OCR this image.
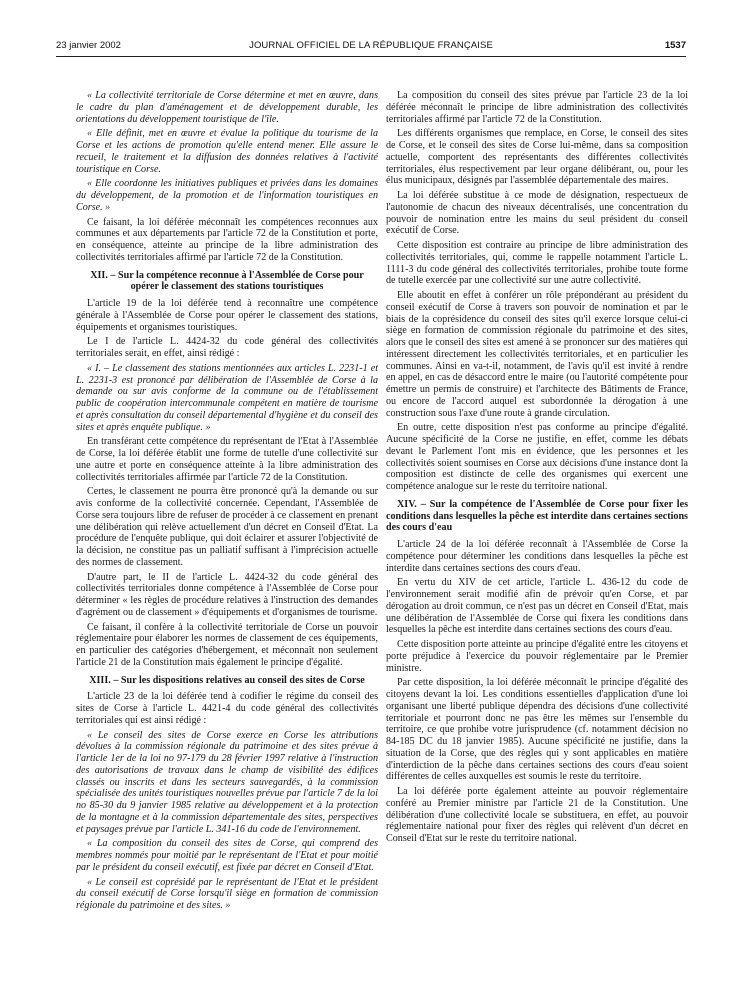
23 janvier 2002	JOURNAL OFFICIEL DE LA RÉPUBLIQUE FRANÇAISE	1537

« La collectivité territoriale de Corse détermine et met en œuvre, dans le cadre du plan d'aménagement et de développement durable, les orientations du développement touristique de l'île.

« Elle définit, met en œuvre et évalue la politique du tourisme de la Corse et les actions de promotion qu'elle entend mener. Elle assure le recueil, le traitement et la diffusion des données relatives à l'activité touristique en Corse.

« Elle coordonne les initiatives publiques et privées dans les domaines du développement, de la promotion et de l'information touristiques en Corse. »

Ce faisant, la loi déférée méconnaît les compétences reconnues aux communes et aux départements par l'article 72 de la Constitution et porte, en conséquence, atteinte au principe de la libre administration des collectivités territoriales affirmé par l'article 72 de la Constitution.

XII. – Sur la compétence reconnue à l'Assemblée de Corse pour opérer le classement des stations touristiques

L'article 19 de la loi déférée tend à reconnaître une compétence générale à l'Assemblée de Corse pour opérer le classement des stations, équipements et organismes touristiques.

Le I de l'article L. 4424-32 du code général des collectivités territoriales serait, en effet, ainsi rédigé :

« I. – Le classement des stations mentionnées aux articles L. 2231-1 et L. 2231-3 est prononcé par délibération de l'Assemblée de Corse à la demande ou sur avis conforme de la commune ou de l'établissement public de coopération intercommunale compétent en matière de tourisme et après consultation du conseil départemental d'hygiène et du conseil des sites et après enquête publique. »

En transférant cette compétence du représentant de l'Etat à l'Assemblée de Corse, la loi déférée établit une forme de tutelle d'une collectivité sur une autre et porte en conséquence atteinte à la libre administration des collectivités territoriales affirmée par l'article 72 de la Constitution.

Certes, le classement ne pourra être prononcé qu'à la demande ou sur avis conforme de la collectivité concernée. Cependant, l'Assemblée de Corse sera toujours libre de refuser de procéder à ce classement en prenant une délibération qui relève actuellement d'un décret en Conseil d'Etat. La procédure de l'enquête publique, qui doit éclairer et assurer l'objectivité de la décision, ne constitue pas un palliatif suffisant à l'imprécision actuelle des normes de classement.

D'autre part, le II de l'article L. 4424-32 du code général des collectivités territoriales donne compétence à l'Assemblée de Corse pour déterminer « les règles de procédure relatives à l'instruction des demandes d'agrément ou de classement » d'équipements et d'organismes de tourisme.

Ce faisant, il confère à la collectivité territoriale de Corse un pouvoir réglementaire pour élaborer les normes de classement de ces équipements, en particulier des catégories d'hébergement, et méconnaît non seulement l'article 21 de la Constitution mais également le principe d'égalité.

XIII. – Sur les dispositions relatives au conseil des sites de Corse

L'article 23 de la loi déférée tend à codifier le régime du conseil des sites de Corse à l'article L. 4421-4 du code général des collectivités territoriales qui est ainsi rédigé :

« Le conseil des sites de Corse exerce en Corse les attributions dévolues à la commission régionale du patrimoine et des sites prévue à l'article 1er de la loi no 97-179 du 28 février 1997 relative à l'instruction des autorisations de travaux dans le champ de visibilité des édifices classés ou inscrits et dans les secteurs sauvegardés, à la commission spécialisée des unités touristiques nouvelles prévue par l'article 7 de la loi no 85-30 du 9 janvier 1985 relative au développement et à la protection de la montagne et à la commission départementale des sites, perspectives et paysages prévue par l'article L. 341-16 du code de l'environnement.

« La composition du conseil des sites de Corse, qui comprend des membres nommés pour moitié par le représentant de l'Etat et pour moitié par le président du conseil exécutif, est fixée par décret en Conseil d'Etat.

« Le conseil est coprésidé par le représentant de l'Etat et le président du conseil exécutif de Corse lorsqu'il siège en formation de commission régionale du patrimoine et des sites. »

La composition du conseil des sites prévue par l'article 23 de la loi déférée méconnaît le principe de libre administration des collectivités territoriales affirmé par l'article 72 de la Constitution.

Les différents organismes que remplace, en Corse, le conseil des sites de Corse, et le conseil des sites de Corse lui-même, dans sa composition actuelle, comportent des représentants des différentes collectivités territoriales, élus respectivement par leur organe délibérant, ou, pour les élus municipaux, désignés par l'assemblée départementale des maires.

La loi déférée substitue à ce mode de désignation, respectueux de l'autonomie de chacun des niveaux décentralisés, une concentration du pouvoir de nomination entre les mains du seul président du conseil exécutif de Corse.

Cette disposition est contraire au principe de libre administration des collectivités territoriales, qui, comme le rappelle notamment l'article L. 1111-3 du code général des collectivités territoriales, prohibe toute forme de tutelle exercée par une collectivité sur une autre collectivité.

Elle aboutit en effet à conférer un rôle prépondérant au président du conseil exécutif de Corse à travers son pouvoir de nomination et par le biais de la coprésidence du conseil des sites qu'il exerce lorsque celui-ci siège en formation de commission régionale du patrimoine et des sites, alors que le conseil des sites est amené à se prononcer sur des matières qui intéressent directement les collectivités territoriales, et en particulier les communes. Ainsi en va-t-il, notamment, de l'avis qu'il est invité à rendre en appel, en cas de désaccord entre le maire (ou l'autorité compétente pour émettre un permis de construire) et l'architecte des Bâtiments de France, ou encore de l'accord auquel est subordonnée la dérogation à une construction sous l'axe d'une route à grande circulation.

En outre, cette disposition n'est pas conforme au principe d'égalité. Aucune spécificité de la Corse ne justifie, en effet, comme les débats devant le Parlement l'ont mis en évidence, que les personnes et les collectivités soient soumises en Corse aux décisions d'une instance dont la composition est distincte de celle des organismes qui exercent une compétence analogue sur le reste du territoire national.

XIV. – Sur la compétence de l'Assemblée de Corse pour fixer les conditions dans lesquelles la pêche est interdite dans certaines sections des cours d'eau

L'article 24 de la loi déférée reconnaît à l'Assemblée de Corse la compétence pour déterminer les conditions dans lesquelles la pêche est interdite dans certaines sections des cours d'eau.

En vertu du XIV de cet article, l'article L. 436-12 du code de l'environnement serait modifié afin de prévoir qu'en Corse, et par dérogation au droit commun, ce n'est pas un décret en Conseil d'Etat, mais une délibération de l'Assemblée de Corse qui fixera les conditions dans lesquelles la pêche est interdite dans certaines sections des cours d'eau.

Cette disposition porte atteinte au principe d'égalité entre les citoyens et porte préjudice à l'exercice du pouvoir réglementaire par le Premier ministre.

Par cette disposition, la loi déférée méconnaît le principe d'égalité des citoyens devant la loi. Les conditions essentielles d'application d'une loi organisant une liberté publique dépendra des décisions d'une collectivité territoriale et pourront donc ne pas être les mêmes sur l'ensemble du territoire, ce que prohibe votre jurisprudence (cf. notamment décision no 84-185 DC du 18 janvier 1985). Aucune spécificité ne justifie, dans la situation de la Corse, que des règles qui y sont applicables en matière d'interdiction de la pêche dans certaines sections des cours d'eau soient différentes de celles auxquelles est soumis le reste du territoire.

La loi déférée porte également atteinte au pouvoir réglementaire conféré au Premier ministre par l'article 21 de la Constitution. Une délibération d'une collectivité locale se substituera, en effet, au pouvoir réglementaire national pour fixer des règles qui relèvent d'un décret en Conseil d'Etat sur le reste du territoire national.
